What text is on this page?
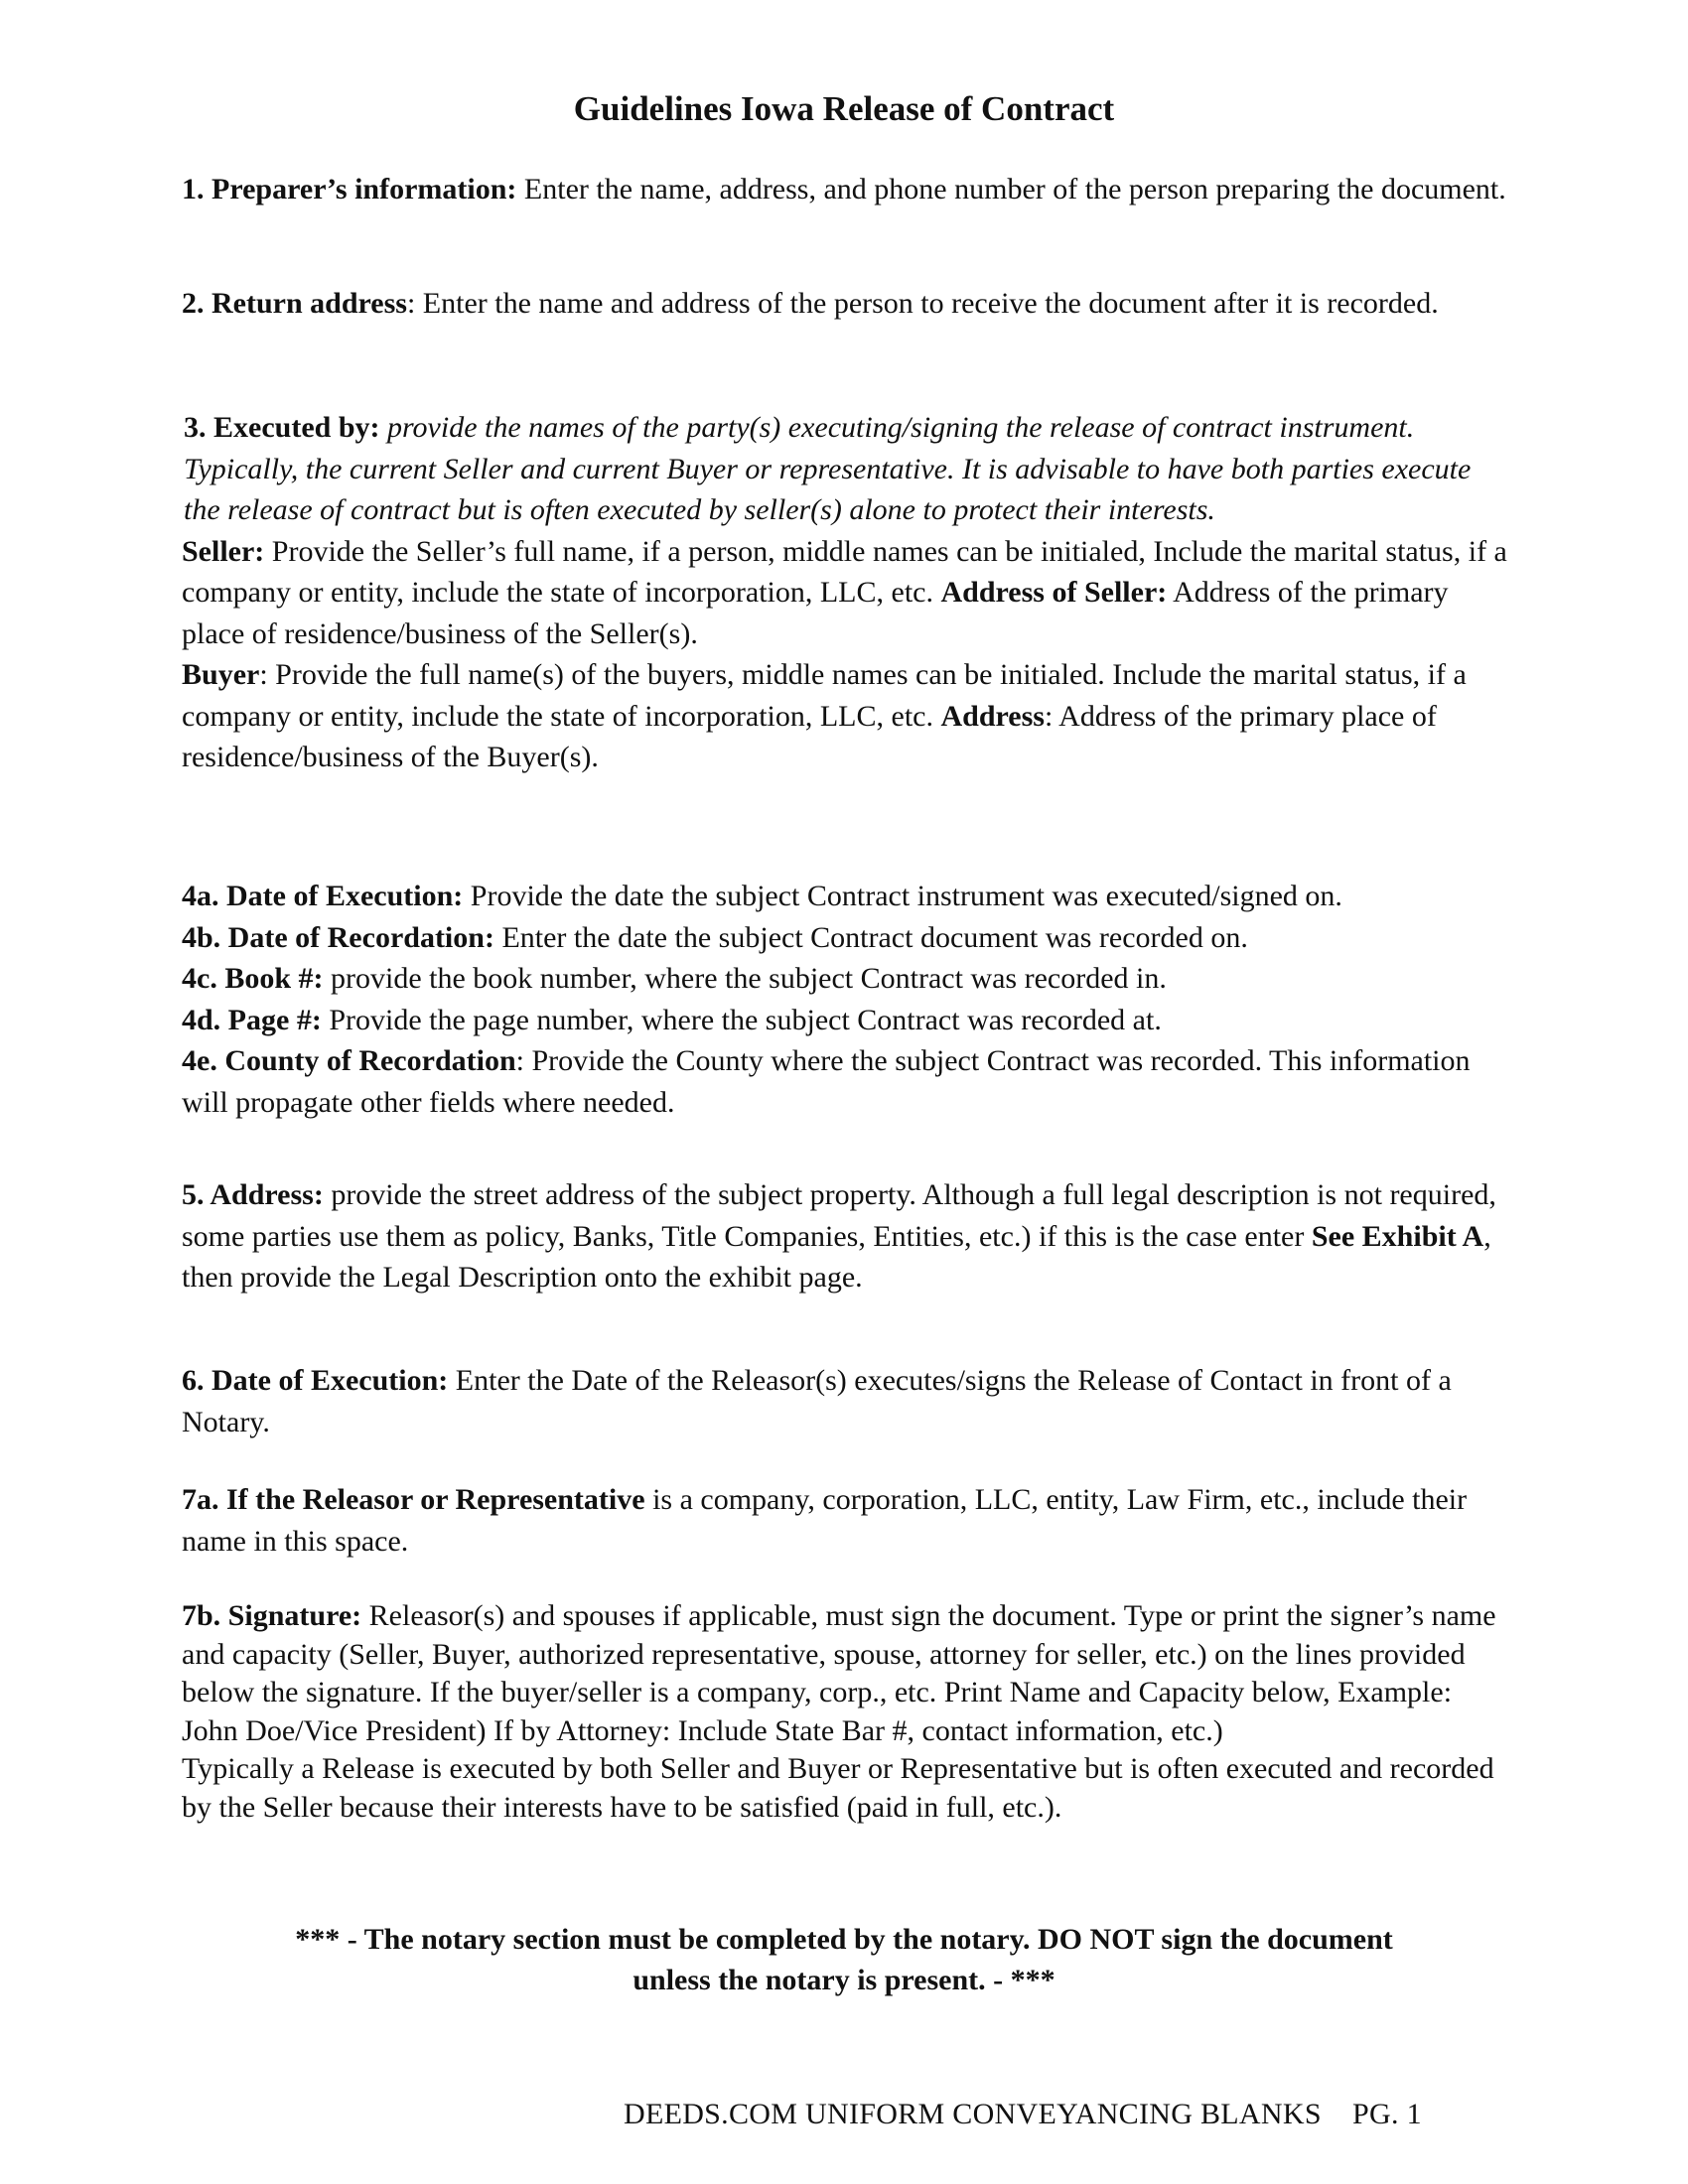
Guidelines Iowa Release of Contract

1. Preparer’s information: Enter the name, address, and phone number of the person preparing the document.

2. Return address: Enter the name and address of the person to receive the document after it is recorded.

3. Executed by: provide the names of the party(s) executing/signing the release of contract instrument. Typically, the current Seller and current Buyer or representative. It is advisable to have both parties execute the release of contract but is often executed by seller(s) alone to protect their interests.

Seller: Provide the Seller’s full name, if a person, middle names can be initialed, Include the marital status, if a company or entity, include the state of incorporation, LLC, etc. Address of Seller: Address of the primary place of residence/business of the Seller(s).

Buyer: Provide the full name(s) of the buyers, middle names can be initialed. Include the marital status, if a company or entity, include the state of incorporation, LLC, etc. Address: Address of the primary place of residence/business of the Buyer(s).

4a. Date of Execution: Provide the date the subject Contract instrument was executed/signed on.

4b. Date of Recordation: Enter the date the subject Contract document was recorded on.

4c. Book #: provide the book number, where the subject Contract was recorded in.

4d. Page #: Provide the page number, where the subject Contract was recorded at.

4e. County of Recordation: Provide the County where the subject Contract was recorded. This information will propagate other fields where needed.

5. Address: provide the street address of the subject property. Although a full legal description is not required, some parties use them as policy, Banks, Title Companies, Entities, etc.) if this is the case enter See Exhibit A, then provide the Legal Description onto the exhibit page.

6. Date of Execution: Enter the Date of the Releasor(s) executes/signs the Release of Contact in front of a Notary.

7a. If the Releasor or Representative is a company, corporation, LLC, entity, Law Firm, etc., include their name in this space.

7b. Signature: Releasor(s) and spouses if applicable, must sign the document. Type or print the signer’s name and capacity (Seller, Buyer, authorized representative, spouse, attorney for seller, etc.) on the lines provided below the signature. If the buyer/seller is a company, corp., etc. Print Name and Capacity below, Example: John Doe/Vice President) If by Attorney: Include State Bar #, contact information, etc.)

Typically a Release is executed by both Seller and Buyer or Representative but is often executed and recorded by the Seller because their interests have to be satisfied (paid in full, etc.).

*** - The notary section must be completed by the notary. DO NOT sign the document
unless the notary is present. - ***
DEEDS.COM UNIFORM CONVEYANCING BLANKS    PG. 1
